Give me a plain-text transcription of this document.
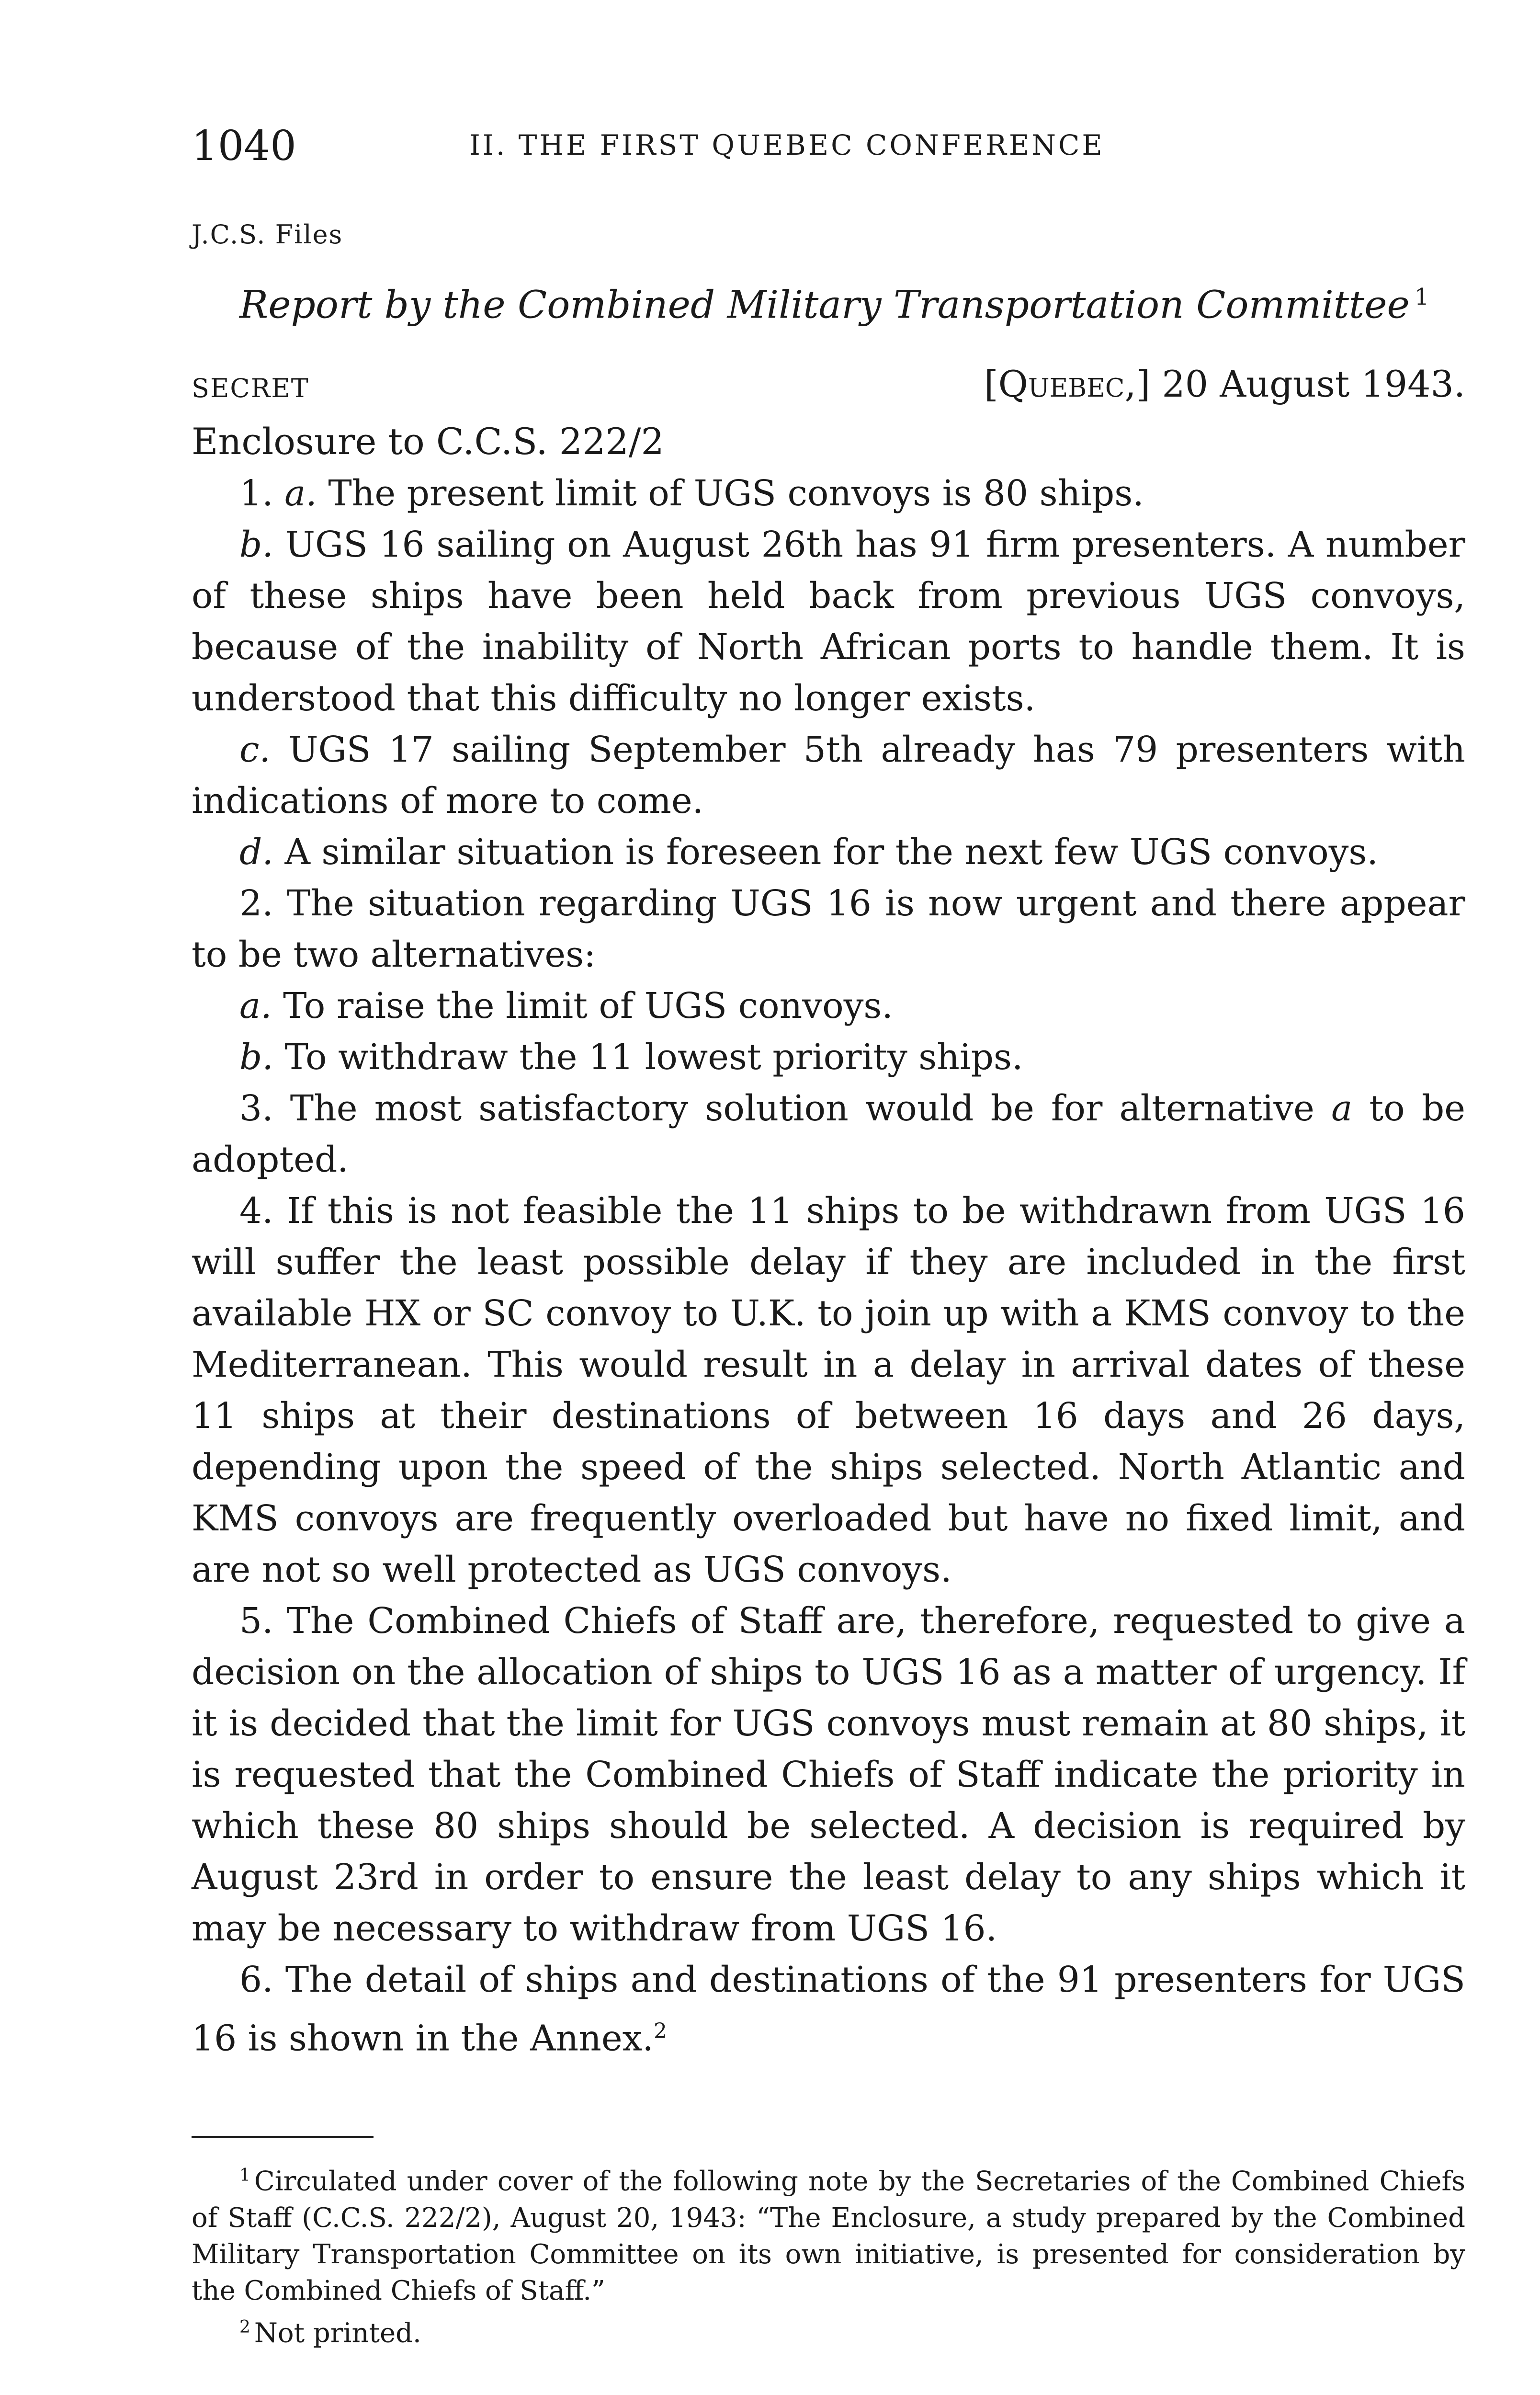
1040	II. THE FIRST QUEBEC CONFERENCE
J.C.S. Files
Report by the Combined Military Transportation Committee $^1$
SECRET	[Quebec,] 20 August 1943.
Enclosure to C.C.S. 222/2

1. a. The present limit of UGS convoys is 80 ships.

b. UGS 16 sailing on August 26th has 91 firm presenters. A number of these ships have been held back from previous UGS convoys, because of the inability of North African ports to handle them. It is understood that this difficulty no longer exists.

c. UGS 17 sailing September 5th already has 79 presenters with indications of more to come.

d. A similar situation is foreseen for the next few UGS convoys.

2. The situation regarding UGS 16 is now urgent and there appear to be two alternatives:

a. To raise the limit of UGS convoys.

b. To withdraw the 11 lowest priority ships.

3. The most satisfactory solution would be for alternative a to be adopted.

4. If this is not feasible the 11 ships to be withdrawn from UGS 16 will suffer the least possible delay if they are included in the first available HX or SC convoy to U.K. to join up with a KMS convoy to the Mediterranean. This would result in a delay in arrival dates of these 11 ships at their destinations of between 16 days and 26 days, depending upon the speed of the ships selected. North Atlantic and KMS convoys are frequently overloaded but have no fixed limit, and are not so well protected as UGS convoys.

5. The Combined Chiefs of Staff are, therefore, requested to give a decision on the allocation of ships to UGS 16 as a matter of urgency. If it is decided that the limit for UGS convoys must remain at 80 ships, it is requested that the Combined Chiefs of Staff indicate the priority in which these 80 ships should be selected. A decision is required by August 23rd in order to ensure the least delay to any ships which it may be necessary to withdraw from UGS 16.

6. The detail of ships and destinations of the 91 presenters for UGS 16 is shown in the Annex.$^2$

$^1$ Circulated under cover of the following note by the Secretaries of the Combined Chiefs of Staff (C.C.S. 222/2), August 20, 1943: “The Enclosure, a study prepared by the Combined Military Transportation Committee on its own initiative, is presented for consideration by the Combined Chiefs of Staff.”

$^2$ Not printed.
